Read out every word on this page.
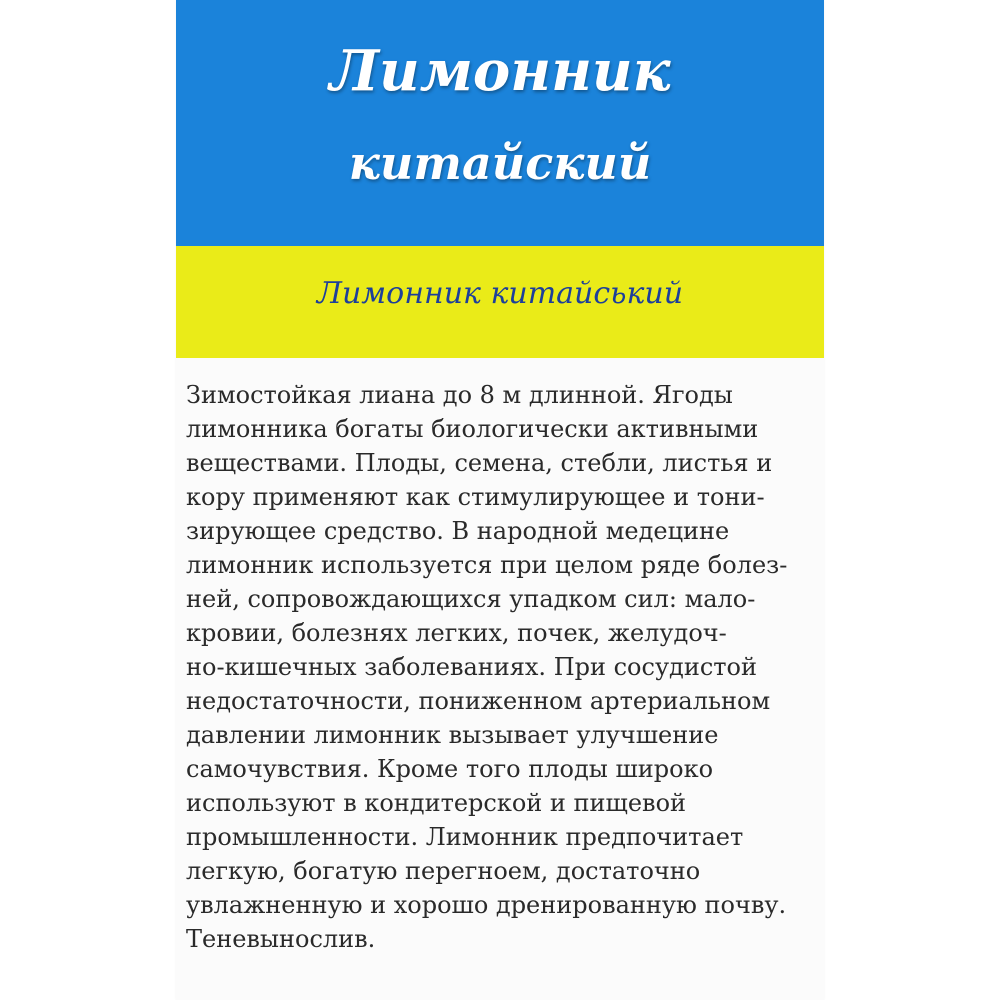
Лимонник
китайский
Лимонник китайський
Зимостойкая лиана до 8 м длинной. Ягоды
лимонника богаты биологически активными
веществами. Плоды, семена, стебли, листья и
кору применяют как стимулирующее и тони-
зирующее средство. В народной медецине
лимонник используется при целом ряде болез-
ней, сопровождающихся упадком сил: мало-
кровии, болезнях легких, почек, желудоч-
но-кишечных заболеваниях. При сосудистой
недостаточности, пониженном артериальном
давлении лимонник вызывает улучшение
самочувствия. Кроме того плоды широко
используют в кондитерской и пищевой
промышленности. Лимонник предпочитает
легкую, богатую перегноем, достаточно
увлажненную и хорошо дренированную почву.
Теневынослив.
